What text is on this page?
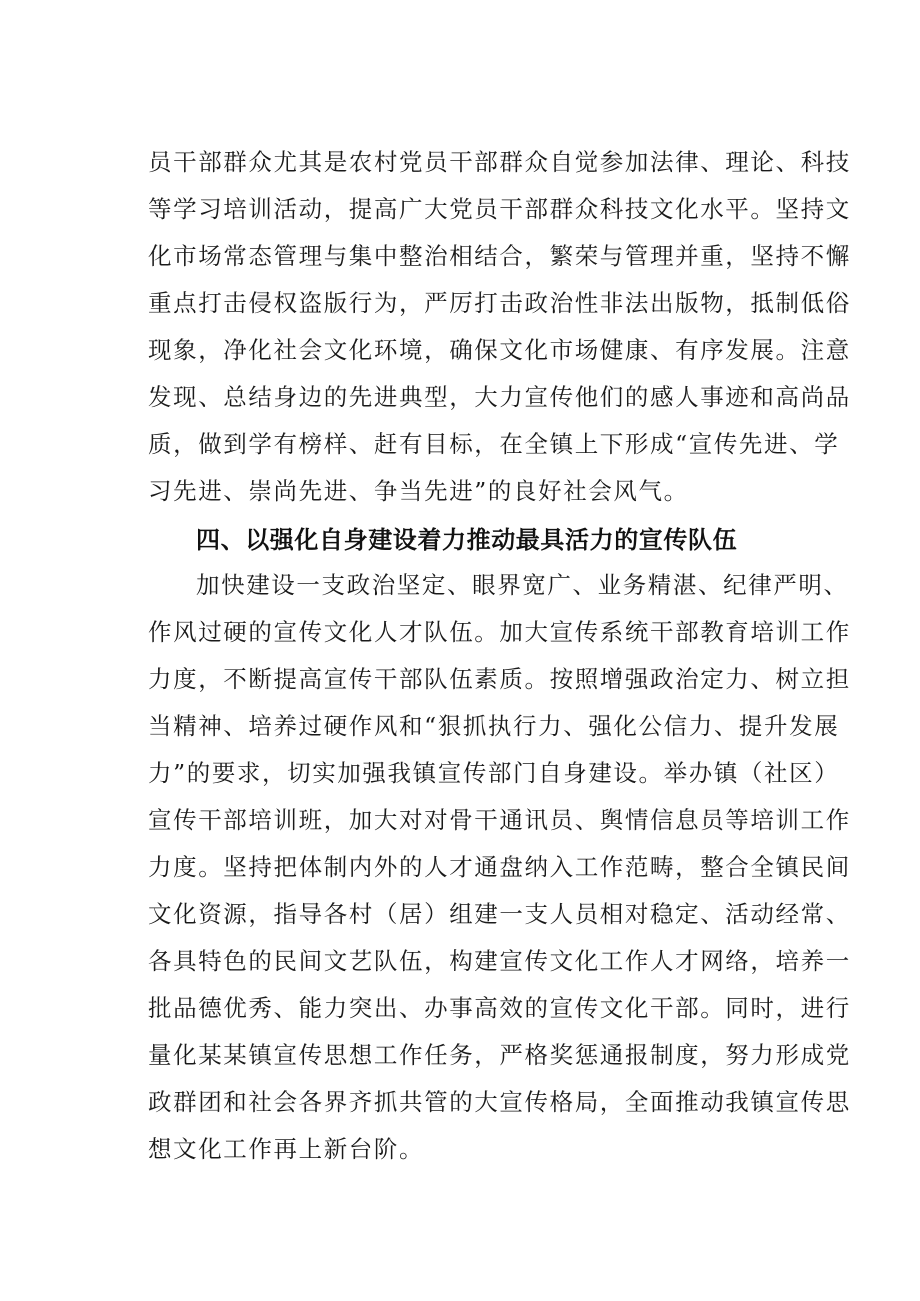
员干部群众尤其是农村党员干部群众自觉参加法律、理论、科技
等学习培训活动，提高广大党员干部群众科技文化水平。坚持文
化市场常态管理与集中整治相结合，繁荣与管理并重，坚持不懈
重点打击侵权盗版行为，严厉打击政治性非法出版物，抵制低俗
现象，净化社会文化环境，确保文化市场健康、有序发展。注意
发现、总结身边的先进典型，大力宣传他们的感人事迹和高尚品
质，做到学有榜样、赶有目标，在全镇上下形成“宣传先进、学
习先进、崇尚先进、争当先进”的良好社会风气。
四、以强化自身建设着力推动最具活力的宣传队伍
加快建设一支政治坚定、眼界宽广、业务精湛、纪律严明、
作风过硬的宣传文化人才队伍。加大宣传系统干部教育培训工作
力度，不断提高宣传干部队伍素质。按照增强政治定力、树立担
当精神、培养过硬作风和“狠抓执行力、强化公信力、提升发展
力”的要求，切实加强我镇宣传部门自身建设。举办镇（社区）
宣传干部培训班，加大对对骨干通讯员、舆情信息员等培训工作
力度。坚持把体制内外的人才通盘纳入工作范畴，整合全镇民间
文化资源，指导各村（居）组建一支人员相对稳定、活动经常、
各具特色的民间文艺队伍，构建宣传文化工作人才网络，培养一
批品德优秀、能力突出、办事高效的宣传文化干部。同时，进行
量化某某镇宣传思想工作任务，严格奖惩通报制度，努力形成党
政群团和社会各界齐抓共管的大宣传格局，全面推动我镇宣传思
想文化工作再上新台阶。
